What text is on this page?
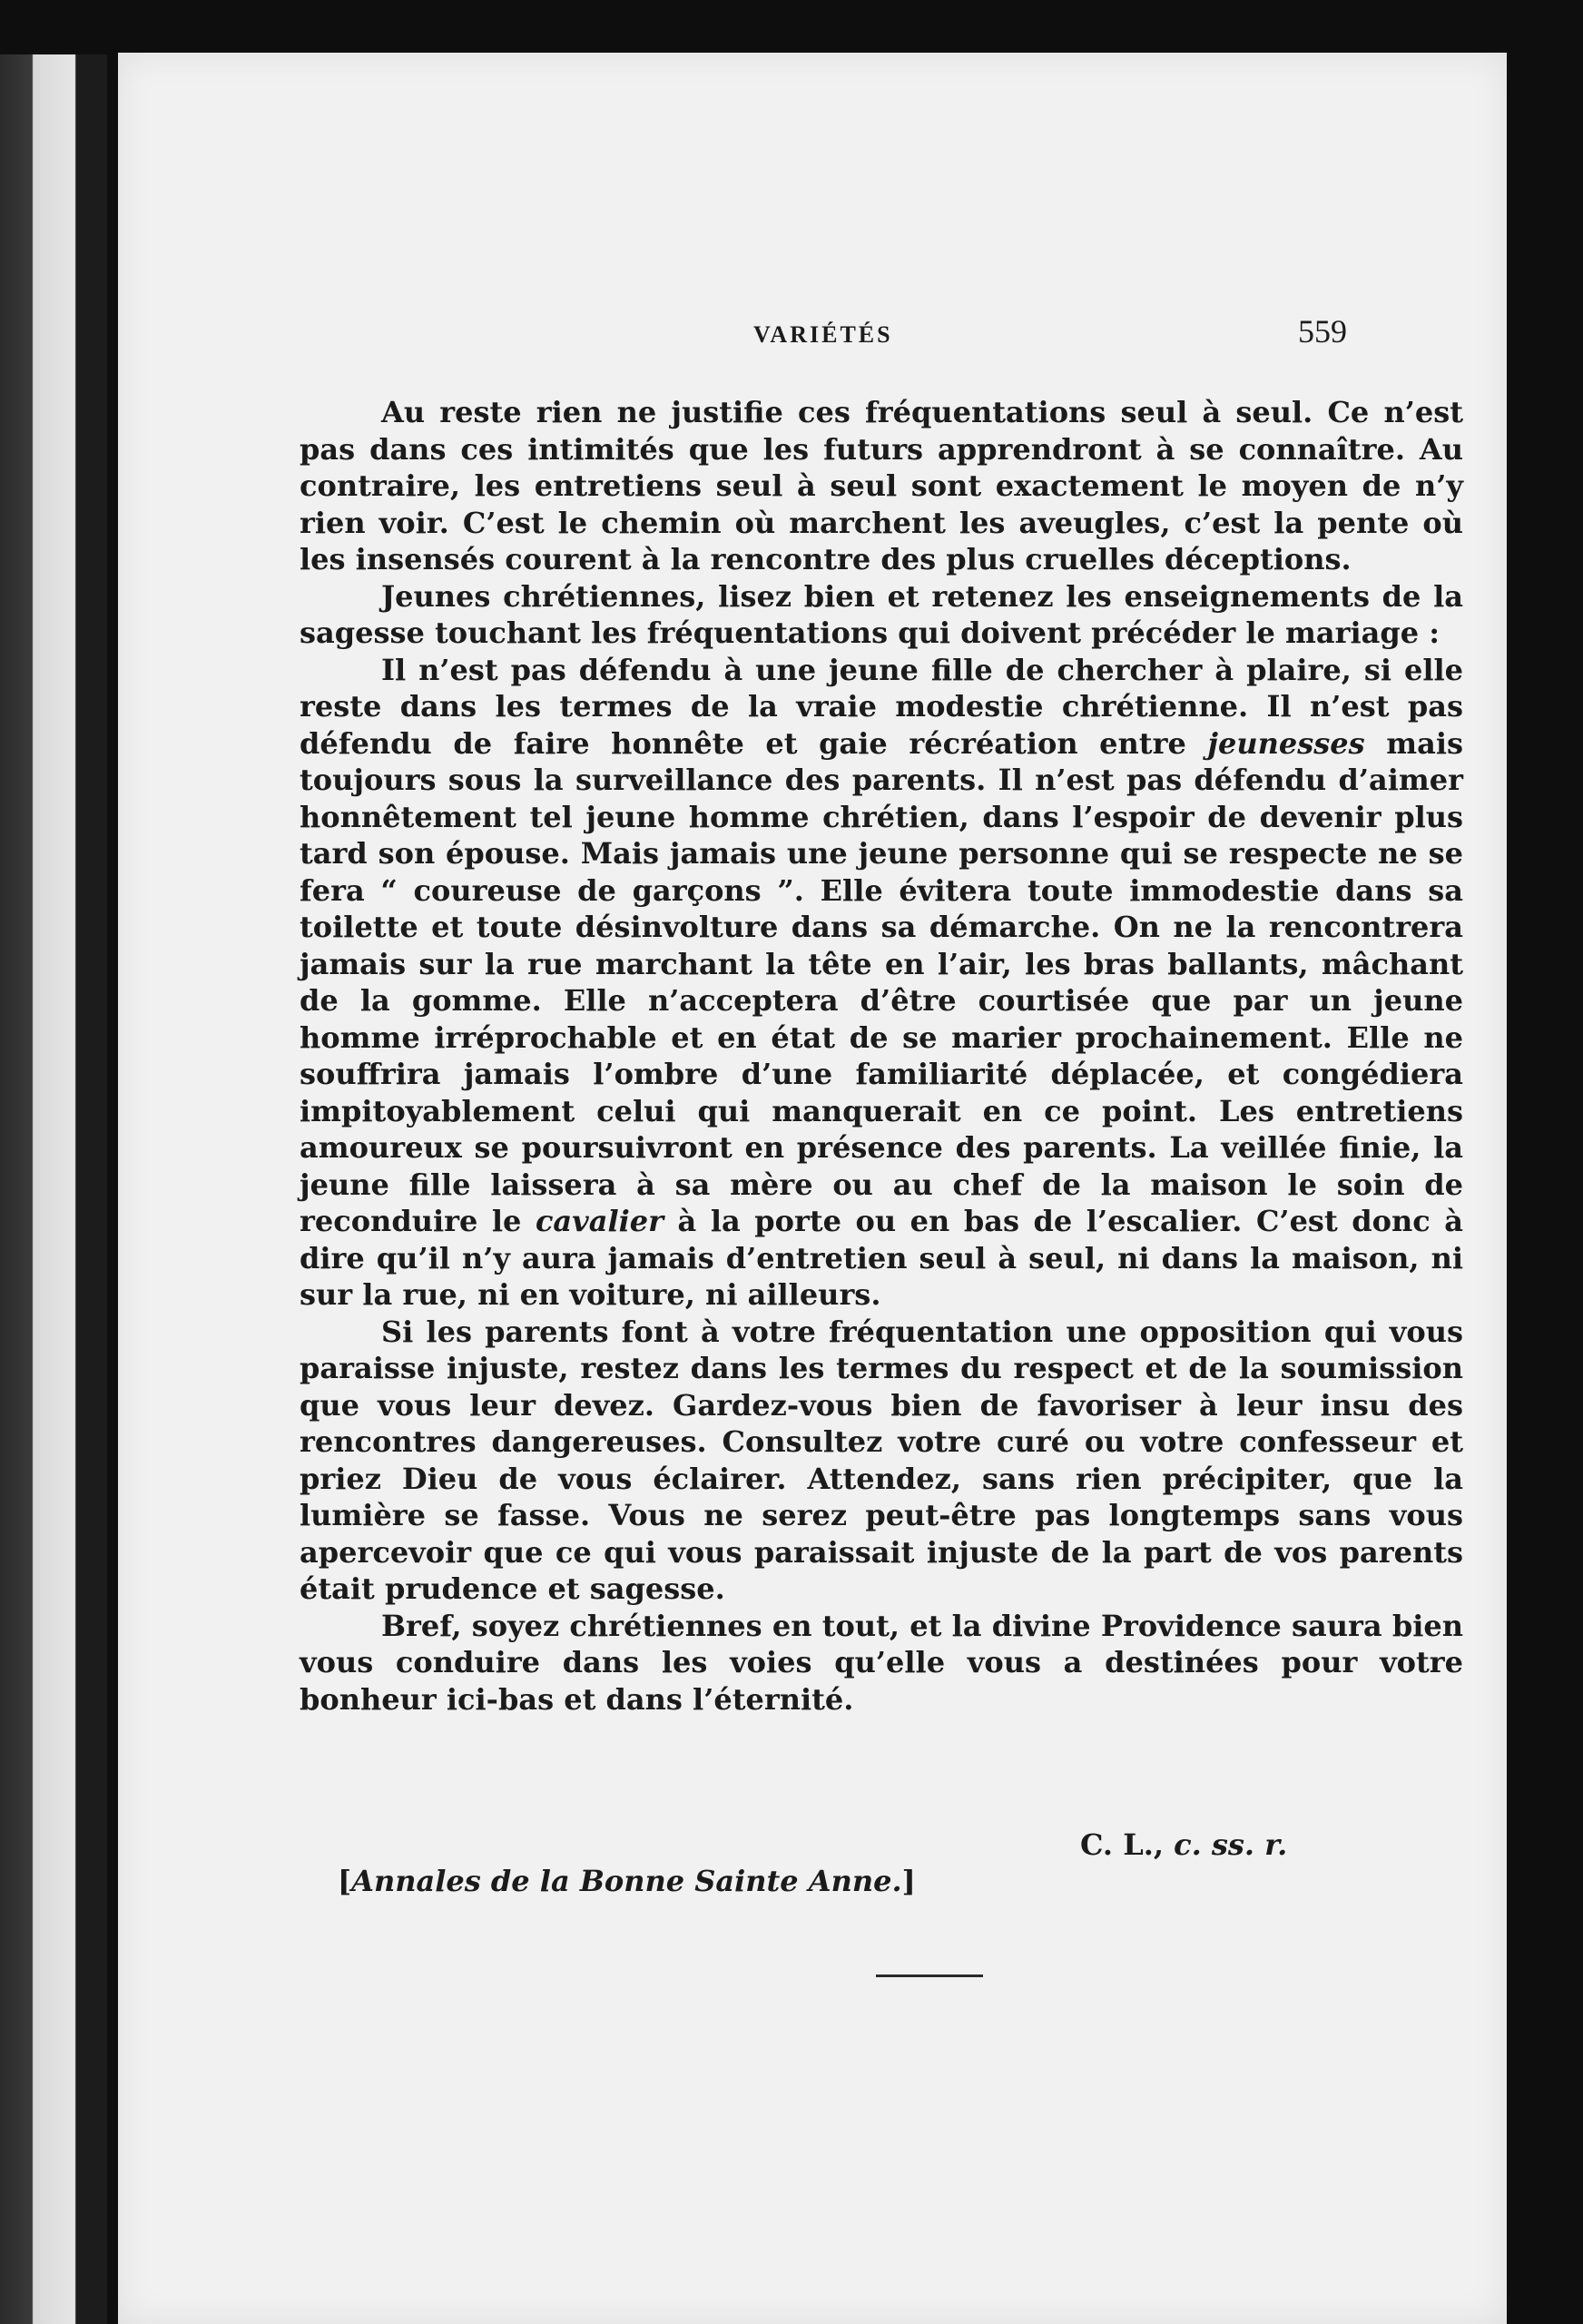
VARIÉTÉS	559

Au reste rien ne justifie ces fréquentations seul à seul. Ce n’est pas dans ces intimités que les futurs apprendront à se connaître. Au contraire, les entretiens seul à seul sont exactement le moyen de n’y rien voir. C’est le chemin où marchent les aveugles, c’est la pente où les insensés courent à la rencontre des plus cruelles déceptions.

Jeunes chrétiennes, lisez bien et retenez les enseignements de la sagesse touchant les fréquentations qui doivent précéder le mariage :

Il n’est pas défendu à une jeune fille de chercher à plaire, si elle reste dans les termes de la vraie modestie chrétienne. Il n’est pas défendu de faire honnête et gaie récréation entre jeunesses mais toujours sous la surveillance des parents. Il n’est pas défendu d’aimer honnêtement tel jeune homme chrétien, dans l’espoir de devenir plus tard son épouse. Mais jamais une jeune personne qui se respecte ne se fera “ coureuse de garçons ”. Elle évitera toute immodestie dans sa toilette et toute désinvolture dans sa démarche. On ne la rencontrera jamais sur la rue marchant la tête en l’air, les bras ballants, mâchant de la gomme. Elle n’acceptera d’être courtisée que par un jeune homme irréprochable et en état de se marier prochainement. Elle ne souffrira jamais l’ombre d’une familiarité déplacée, et congédiera impitoyablement celui qui manquerait en ce point. Les entretiens amoureux se poursuivront en présence des parents. La veillée finie, la jeune fille laissera à sa mère ou au chef de la maison le soin de reconduire le cavalier à la porte ou en bas de l’escalier. C’est donc à dire qu’il n’y aura jamais d’entretien seul à seul, ni dans la maison, ni sur la rue, ni en voiture, ni ailleurs.

Si les parents font à votre fréquentation une opposition qui vous paraisse injuste, restez dans les termes du respect et de la soumission que vous leur devez. Gardez-vous bien de favoriser à leur insu des rencontres dangereuses. Consultez votre curé ou votre confesseur et priez Dieu de vous éclairer. Attendez, sans rien précipiter, que la lumière se fasse. Vous ne serez peut-être pas longtemps sans vous apercevoir que ce qui vous paraissait injuste de la part de vos parents était prudence et sagesse.

Bref, soyez chrétiennes en tout, et la divine Providence saura bien vous conduire dans les voies qu’elle vous a destinées pour votre bonheur ici-bas et dans l’éternité.

C. L., c. ss. r.
[Annales de la Bonne Sainte Anne.]
